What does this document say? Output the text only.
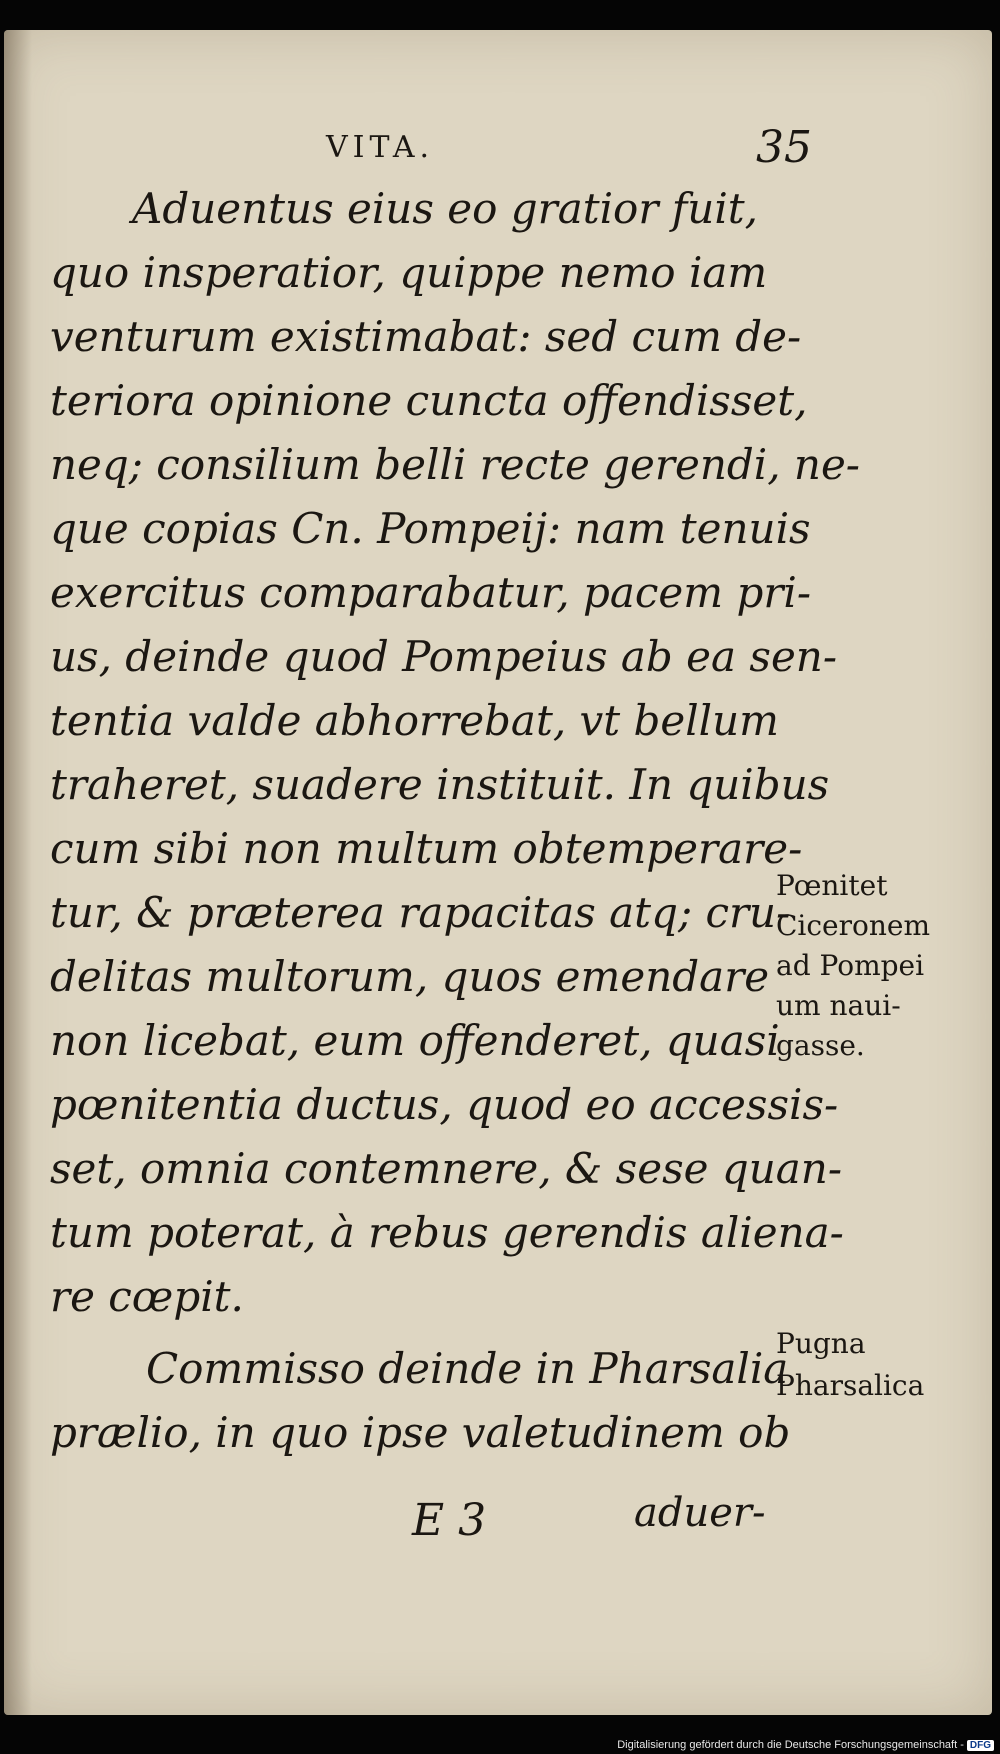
VITA.	35
Aduentus eius eo gratior fuit,
quo insperatior, quippe nemo iam
venturum existimabat: sed cum de-
teriora opinione cuncta offendisset,
neq; consilium belli recte gerendi, ne-
que copias Cn. Pompeij: nam tenuis
exercitus comparabatur, pacem pri-
us, deinde quod Pompeius ab ea sen-
tentia valde abhorrebat, vt bellum
traheret, suadere instituit. In quibus
cum sibi non multum obtemperare-
tur, & præterea rapacitas atq; cru-
delitas multorum, quos emendare
non licebat, eum offenderet, quasi
pœnitentia ductus, quod eo accessis-
set, omnia contemnere, & sese quan-
tum poterat, à rebus gerendis aliena-
re cœpit.
Commisso deinde in Pharsalia
prælio, in quo ipse valetudinem ob
Pœnitet
Ciceronem
ad Pompei
um naui-
gasse.
Pugna
Pharsalica
E 3	aduer-
Digitalisierung gefördert durch die Deutsche Forschungsgemeinschaft - DFG
